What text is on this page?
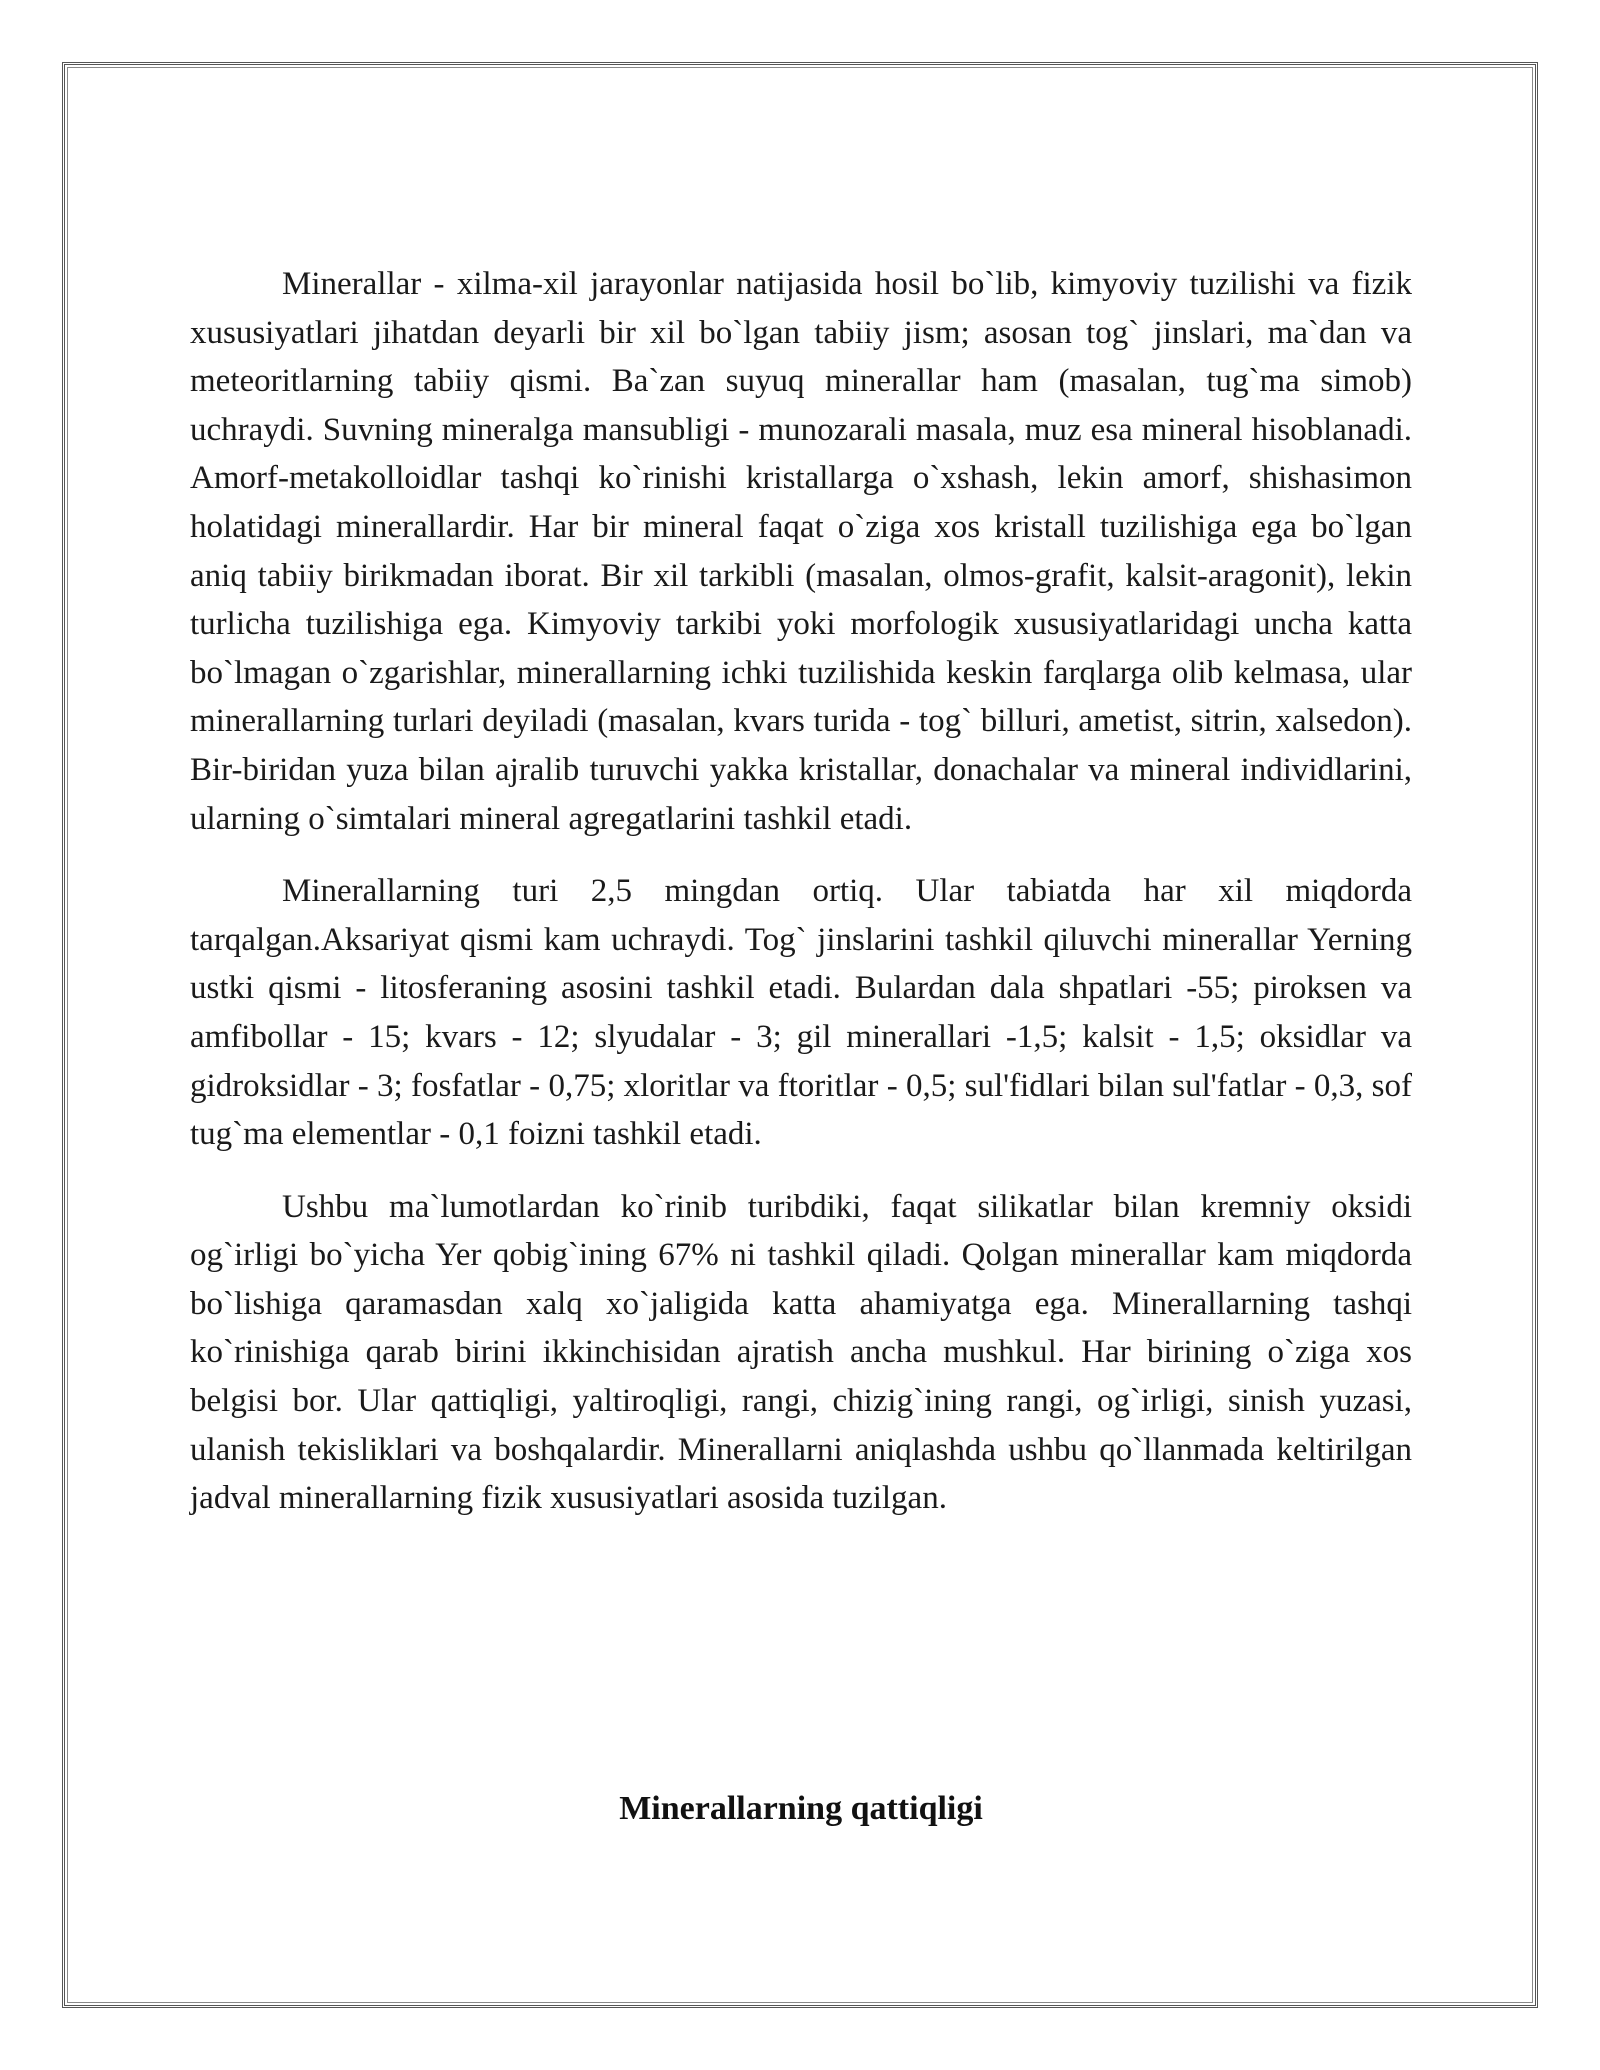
Minerallar - xilma-xil jarayonlar natijasida hosil bo`lib, kimyoviy tuzilishi va fizik xususiyatlari jihatdan deyarli bir xil bo`lgan tabiiy jism; asosan tog` jinslari, ma`dan va meteoritlarning tabiiy qismi. Ba`zan suyuq minerallar ham (masalan, tug`ma simob) uchraydi. Suvning mineralga mansubligi - munozarali masala, muz esa mineral hisoblanadi. Amorf-metakolloidlar tashqi ko`rinishi kristallarga o`xshash, lekin amorf, shishasimon holatidagi minerallardir. Har bir mineral faqat o`ziga xos kristall tuzilishiga ega bo`lgan aniq tabiiy birikmadan iborat. Bir xil tarkibli (masalan, olmos-grafit, kalsit-aragonit), lekin turlicha tuzilishiga ega. Kimyoviy tarkibi yoki morfologik xususiyatlaridagi uncha katta bo`lmagan o`zgarishlar, minerallarning ichki tuzilishida keskin farqlarga olib kelmasa, ular minerallarning turlari deyiladi (masalan, kvars turida - tog` billuri, ametist, sitrin, xalsedon). Bir-biridan yuza bilan ajralib turuvchi yakka kristallar, donachalar va mineral individlarini, ularning o`simtalari mineral agregatlarini tashkil etadi.

Minerallarning turi 2,5 mingdan ortiq. Ular tabiatda har xil miqdorda tarqalgan.Aksariyat qismi kam uchraydi. Tog` jinslarini tashkil qiluvchi minerallar Yerning ustki qismi - litosferaning asosini tashkil etadi. Bulardan dala shpatlari -55; piroksen va amfibollar - 15; kvars - 12; slyudalar - 3; gil minerallari -1,5; kalsit - 1,5; oksidlar va gidroksidlar - 3; fosfatlar - 0,75; xloritlar va ftoritlar - 0,5; sul'fidlari bilan sul'fatlar - 0,3, sof tug`ma elementlar - 0,1 foizni tashkil etadi.

Ushbu ma`lumotlardan ko`rinib turibdiki, faqat silikatlar bilan kremniy oksidi og`irligi bo`yicha Yer qobig`ining 67% ni tashkil qiladi. Qolgan minerallar kam miqdorda bo`lishiga qaramasdan xalq xo`jaligida katta ahamiyatga ega. Minerallarning tashqi ko`rinishiga qarab birini ikkinchisidan ajratish ancha mushkul. Har birining o`ziga xos belgisi bor. Ular qattiqligi, yaltiroqligi, rangi, chizig`ining rangi, og`irligi, sinish yuzasi, ulanish tekisliklari va boshqalardir. Minerallarni aniqlashda ushbu qo`llanmada keltirilgan jadval minerallarning fizik xususiyatlari asosida tuzilgan.

Minerallarning qattiqligi
